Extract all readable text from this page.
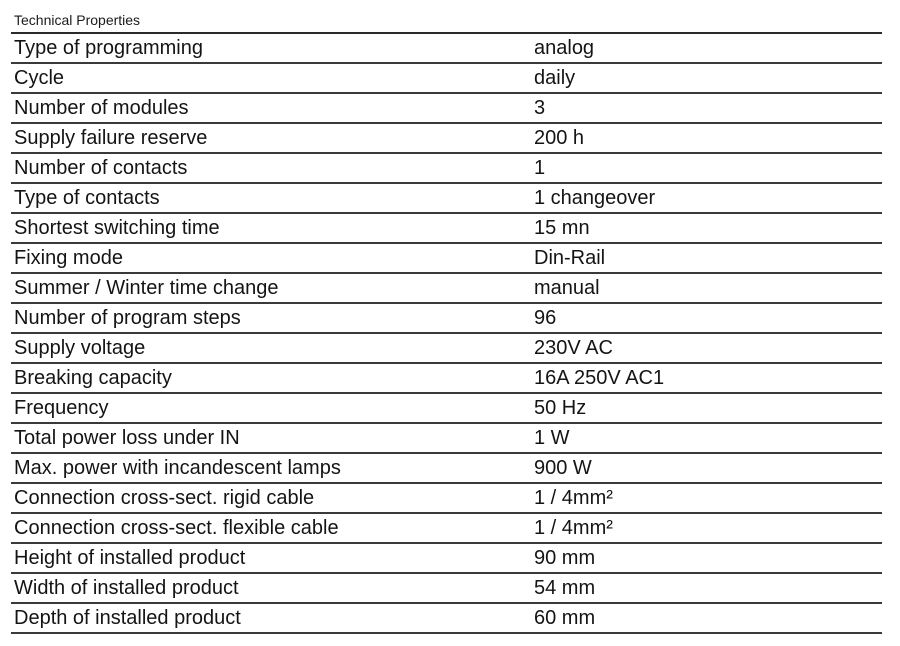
Technical Properties
Type of programming	analog
Cycle	daily
Number of modules	3
Supply failure reserve	200 h
Number of contacts	1
Type of contacts	1 changeover
Shortest switching time	15 mn
Fixing mode	Din-Rail
Summer / Winter time change	manual
Number of program steps	96
Supply voltage	230V AC
Breaking capacity	16A 250V AC1
Frequency	50 Hz
Total power loss under IN	1 W
Max. power with incandescent lamps	900 W
Connection cross-sect. rigid cable	1 / 4mm²
Connection cross-sect. flexible cable	1 / 4mm²
Height of installed product	90 mm
Width of installed product	54 mm
Depth of installed product	60 mm
